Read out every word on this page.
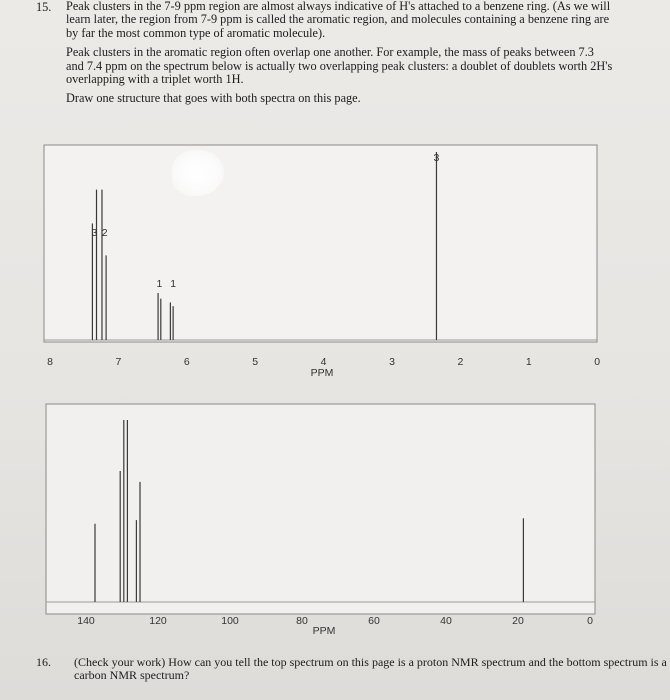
15. Peak clusters in the 7-9 ppm region are almost always indicative of H's attached to a benzene ring. (As we will learn later, the region from 7-9 ppm is called the aromatic region, and molecules containing a benzene ring are by far the most common type of aromatic molecule).

Peak clusters in the aromatic region often overlap one another. For example, the mass of peaks between 7.3 and 7.4 ppm on the spectrum below is actually two overlapping peak clusters: a doublet of doublets worth 2H's overlapping with a triplet worth 1H.

Draw one structure that goes with both spectra on this page.

8	7	6	5	4	3	2	1	0
3 2
1 1
3
PPM
140	120	100	80	60	40	20	0
PPM
16. (Check your work) How can you tell the top spectrum on this page is a proton NMR spectrum and the bottom spectrum is a carbon NMR spectrum?
